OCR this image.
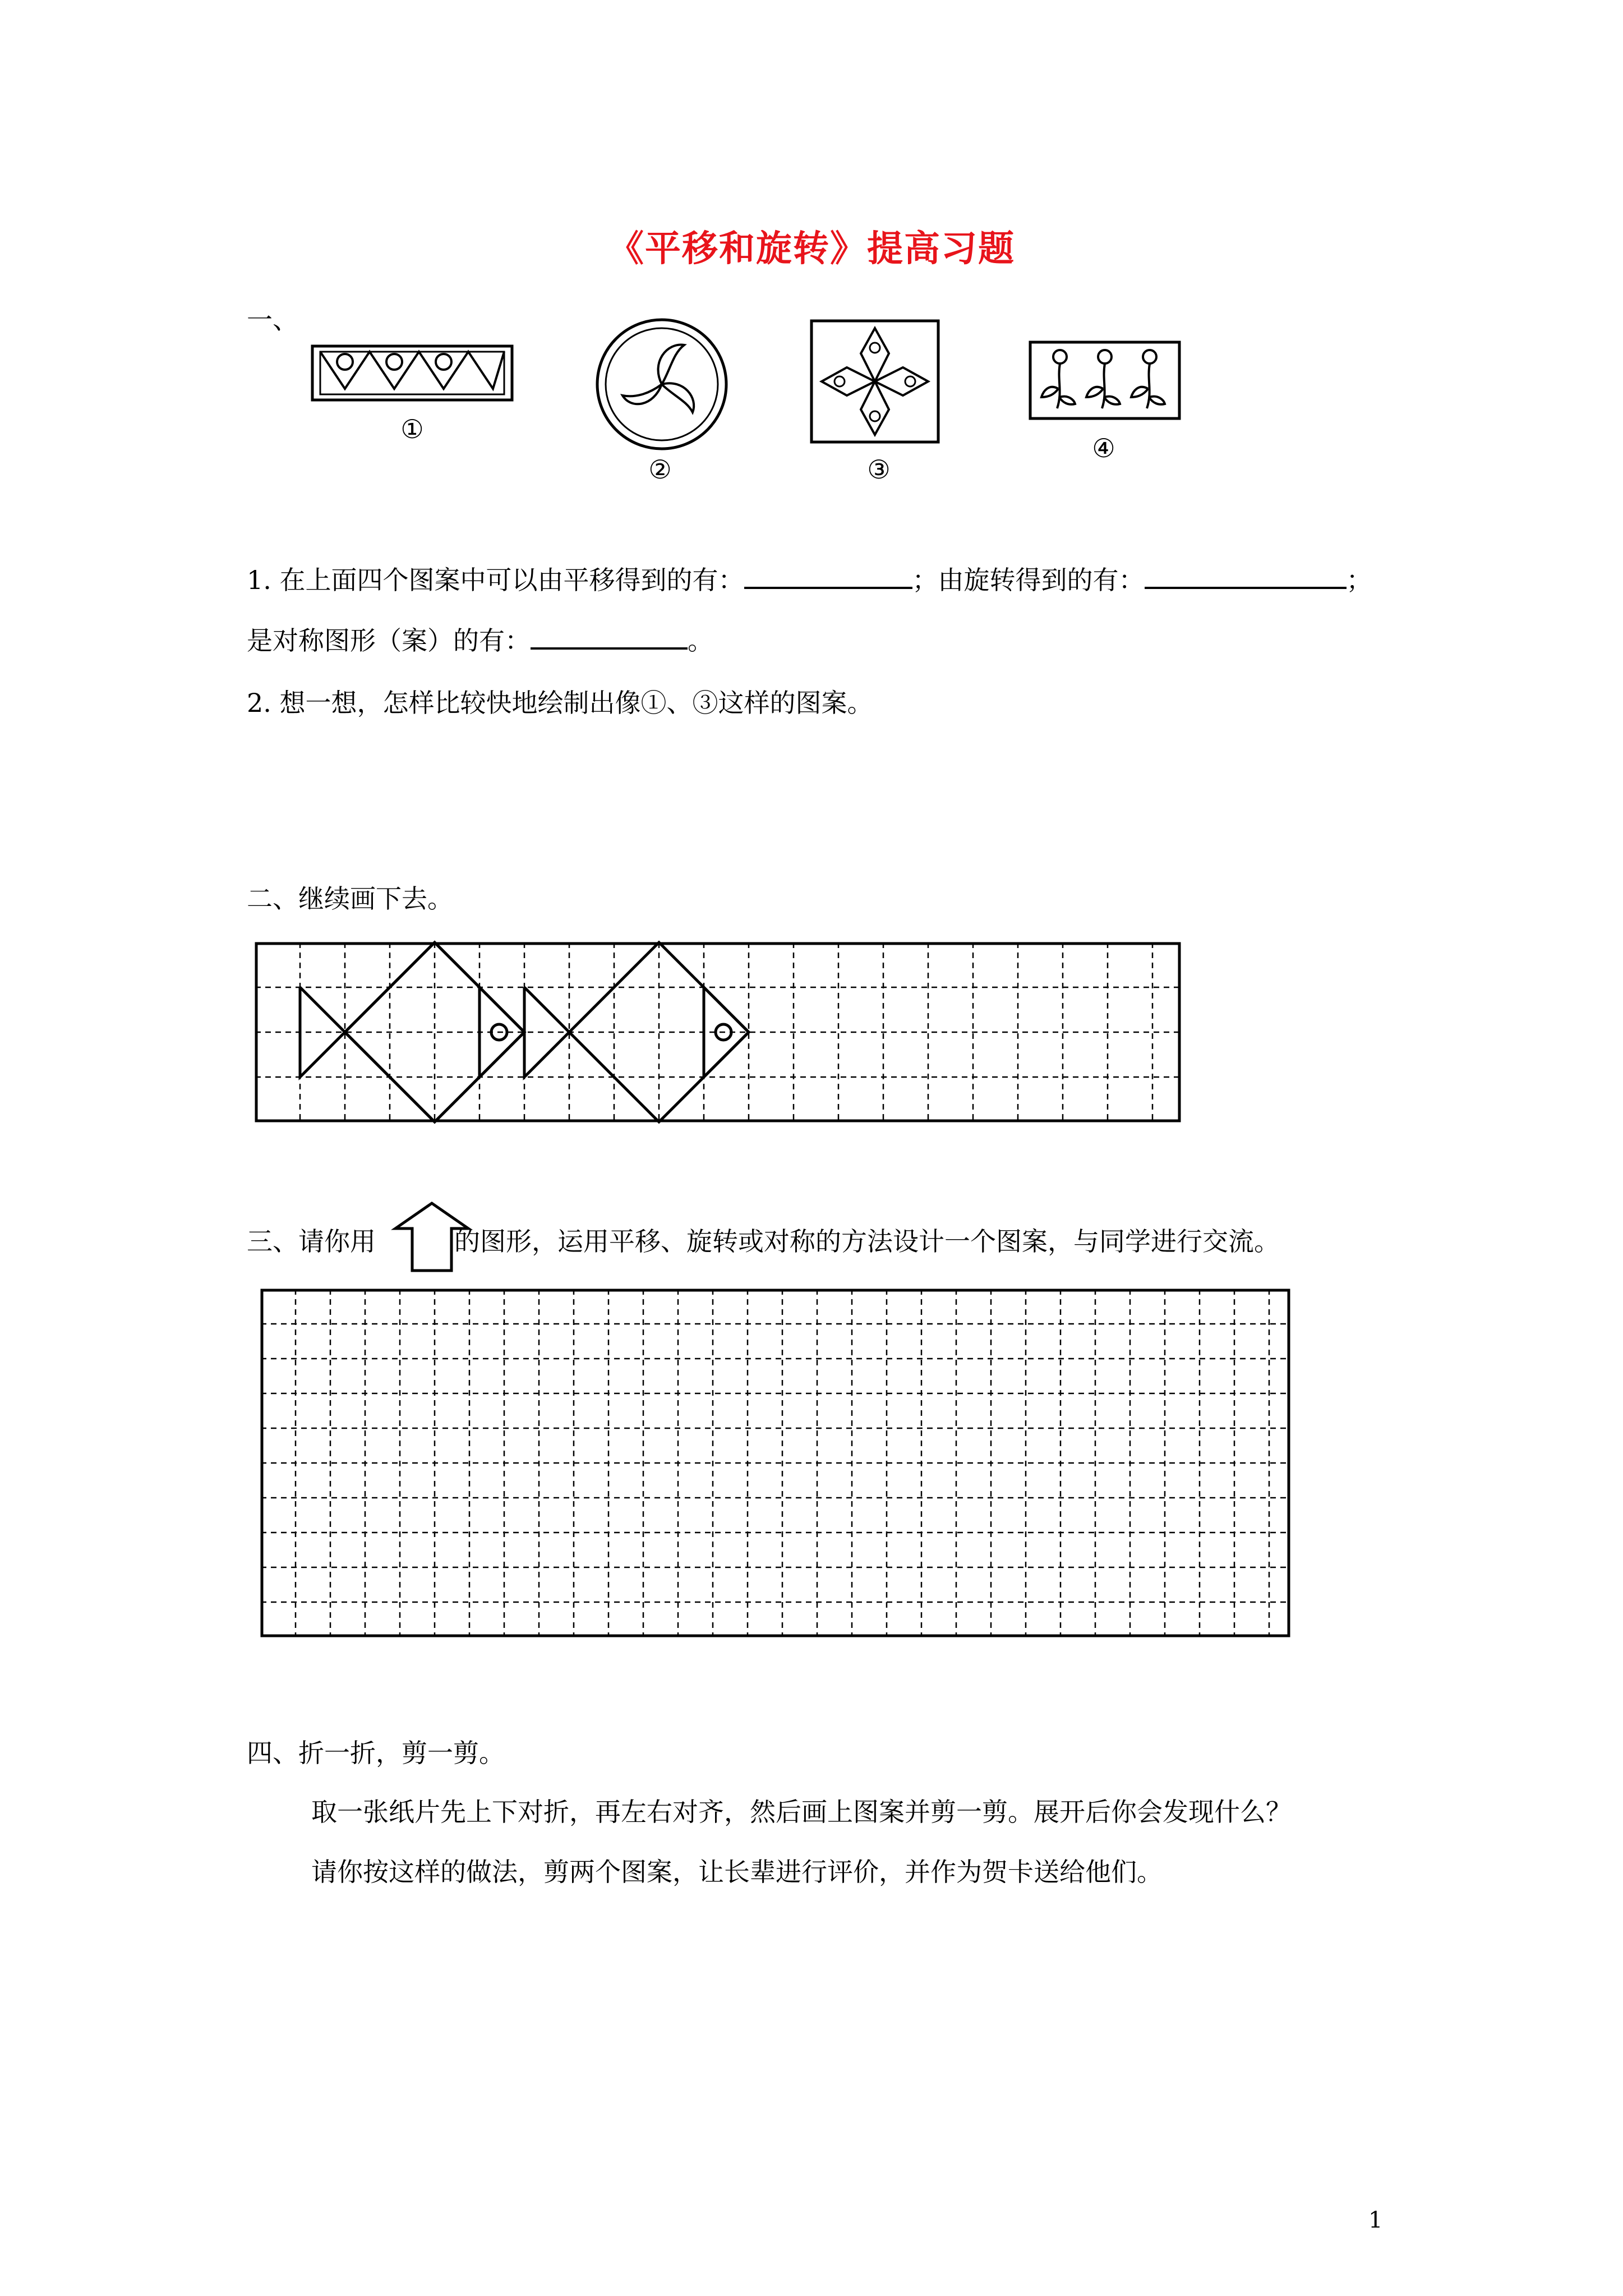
《平移和旋转》提高习题
一、
①
②	③
④
1. 在上面四个图案中可以由平移得到的有：	；由旋转得到的有：	；
是对称图形（案）的有：	。
2. 想一想，怎样比较快地绘制出像①、③这样的图案。
二、继续画下去。
三、请你用	的图形，运用平移、旋转或对称的方法设计一个图案，与同学进行交流。
四、折一折，剪一剪。
取一张纸片先上下对折，再左右对齐，然后画上图案并剪一剪。展开后你会发现什么？
请你按这样的做法，剪两个图案，让长辈进行评价，并作为贺卡送给他们。
1
